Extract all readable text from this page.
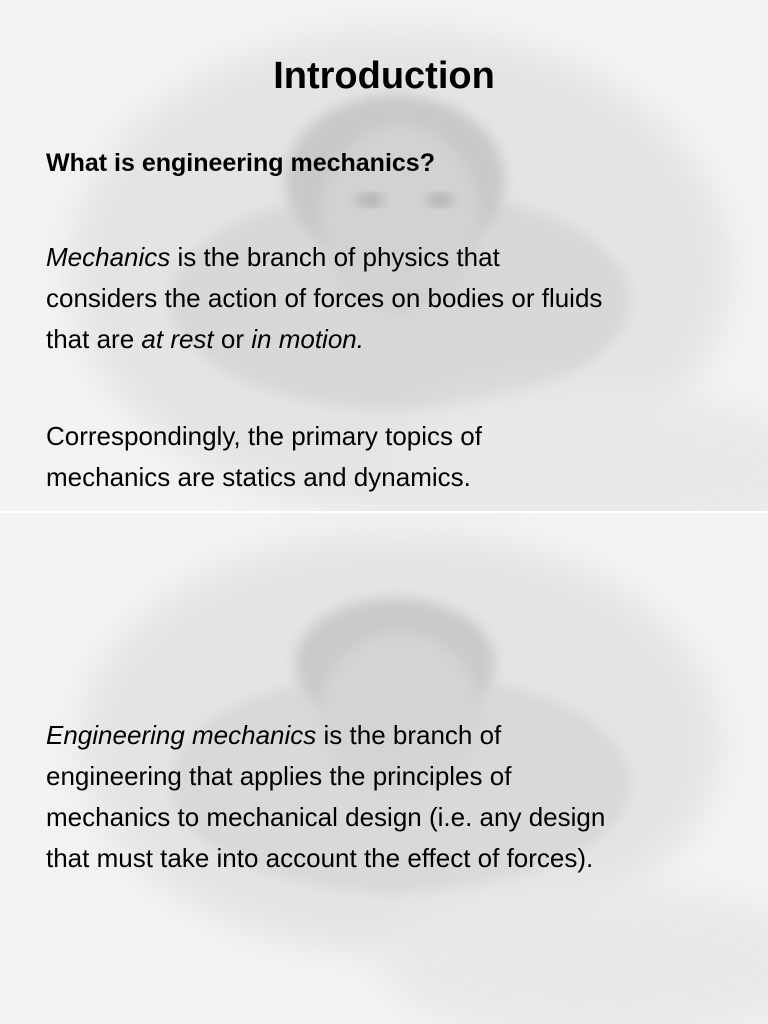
Introduction
What is engineering mechanics?
Mechanics is the branch of physics that
considers the action of forces on bodies or fluids
that are at rest or in motion.
Correspondingly, the primary topics of
mechanics are statics and dynamics.
Engineering mechanics is the branch of
engineering that applies the principles of
mechanics to mechanical design (i.e. any design
that must take into account the effect of forces).
